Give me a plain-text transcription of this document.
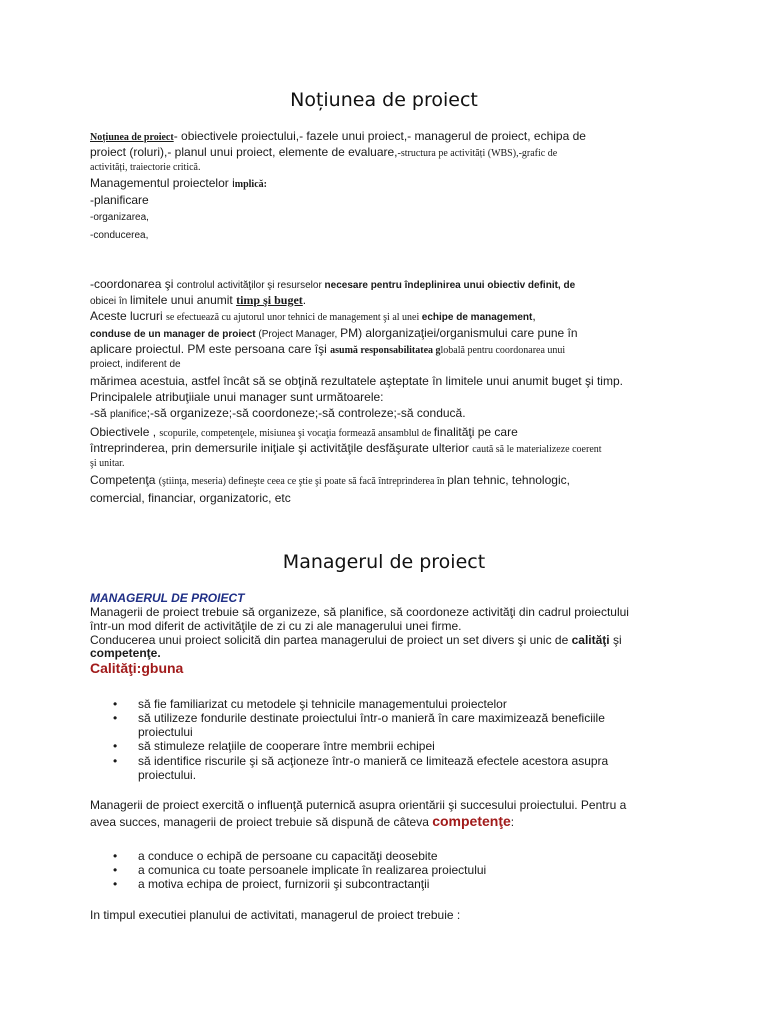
Noțiunea de proiect
Noțiunea de proiect- obiectivele proiectului,- fazele unui proiect,- managerul de proiect, echipa de
proiect (roluri),- planul unui proiect, elemente de evaluare,-structura pe activități (WBS),-grafic de
activități, traiectorie critică.
Managementul proiectelor implică:
-planificare
-organizarea,
-conducerea,
-coordonarea şi controlul activităţilor şi resurselor necesare pentru îndeplinirea unui obiectiv definit, de
obicei în limitele unui anumit timp şi buget.
Aceste lucruri se efectuează cu ajutorul unor tehnici de management şi al unei echipe de management,
conduse de un manager de proiect (Project Manager, PM) alorganizaţiei/organismului care pune în
aplicare proiectul. PM este persoana care îşi asumă responsabilitatea globală pentru coordonarea unui
proiect, indiferent de
mărimea acestuia, astfel încât să se obţină rezultatele aşteptate în limitele unui anumit buget şi timp.
Principalele atribuţiiale unui manager sunt următoarele:
-să planifice;-să organizeze;-să coordoneze;-să controleze;-să conducă.
Obiectivele , scopurile, competenţele, misiunea şi vocaţia formează ansamblul de finalităţi pe care
întreprinderea, prin demersurile iniţiale şi activităţile desfăşurate ulterior caută să le materializeze coerent
şi unitar.
Competenţa (ştiinţa, meseria) defineşte ceea ce ştie şi poate să facă întreprinderea în plan tehnic, tehnologic,
comercial, financiar, organizatoric, etc
Managerul de proiect
MANAGERUL DE PROIECT
Managerii de proiect trebuie să organizeze, să planifice, să coordoneze activităţi din cadrul proiectului
într-un mod diferit de activităţile de zi cu zi ale managerului unei firme.
Conducerea unui proiect solicită din partea managerului de proiect un set divers şi unic de calităţi şi
competenţe.
Calităţi:gbuna
• să fie familiarizat cu metodele şi tehnicile managementului proiectelor
• să utilizeze fondurile destinate proiectului într-o manieră în care maximizează beneficiile
proiectului
• să stimuleze relaţiile de cooperare între membrii echipei
• să identifice riscurile şi să acţioneze într-o manieră ce limitează efectele acestora asupra
proiectului.
Managerii de proiect exercită o influenţă puternică asupra orientării şi succesului proiectului. Pentru a
avea succes, managerii de proiect trebuie să dispună de câteva competenţe:
• a conduce o echipă de persoane cu capacităţi deosebite
• a comunica cu toate persoanele implicate în realizarea proiectului
• a motiva echipa de proiect, furnizorii şi subcontractanţii
In timpul executiei planului de activitati, managerul de proiect trebuie :
